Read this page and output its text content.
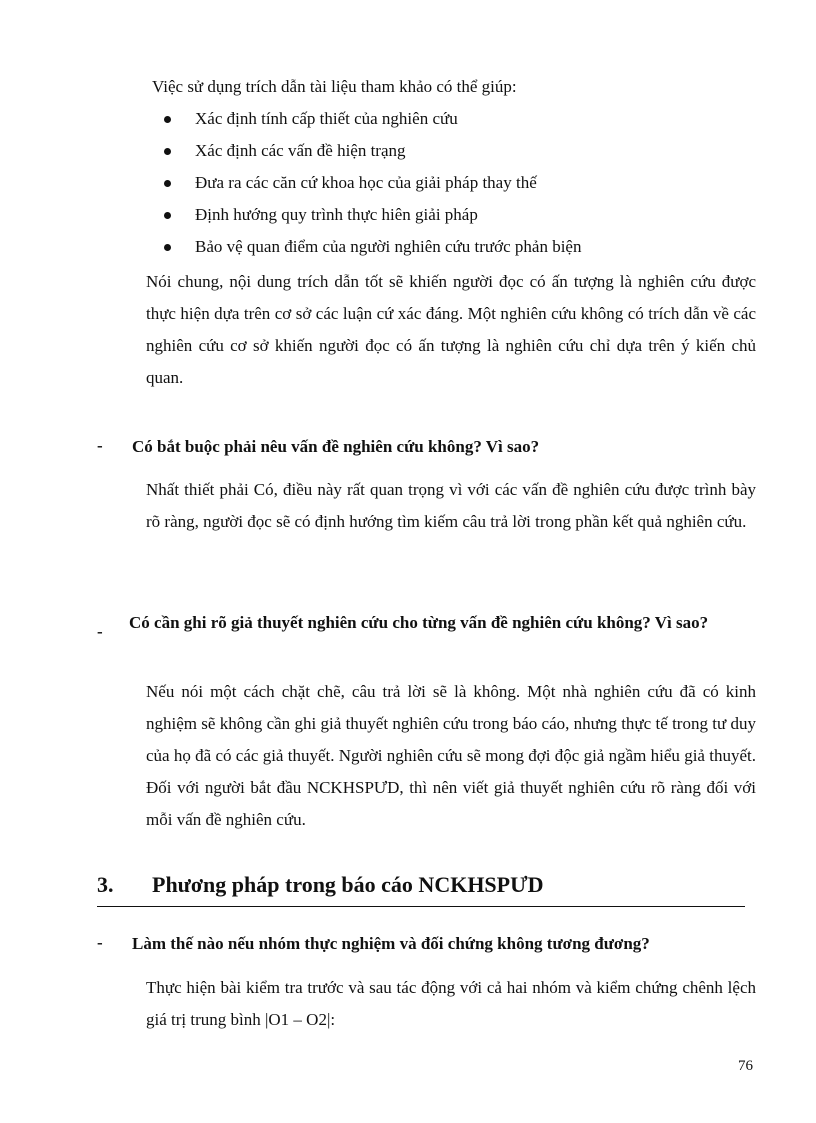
Việc sử dụng trích dẫn tài liệu tham khảo có thể giúp:
Xác định tính cấp thiết của nghiên cứu
Xác định các vấn đề hiện trạng
Đưa ra các căn cứ khoa học của giải pháp thay thế
Định hướng quy trình thực hiên giải pháp
Bảo vệ quan điểm của người nghiên cứu trước phản biện

Nói chung, nội dung trích dẫn tốt sẽ khiến người đọc có ấn tượng là nghiên cứu được thực hiện dựa trên cơ sở các luận cứ xác đáng. Một nghiên cứu không có trích dẫn về các nghiên cứu cơ sở khiến người đọc có ấn tượng là nghiên cứu chỉ dựa trên ý kiến chủ quan.

- Có bắt buộc phải nêu vấn đề nghiên cứu không? Vì sao?

Nhất thiết phải Có, điều này rất quan trọng vì với các vấn đề nghiên cứu được trình bày rõ ràng, người đọc sẽ có định hướng tìm kiếm câu trả lời trong phần kết quả nghiên cứu.

- Có cần ghi rõ giả thuyết nghiên cứu cho từng vấn đề nghiên cứu không? Vì sao?

Nếu nói một cách chặt chẽ, câu trả lời sẽ là không. Một nhà nghiên cứu đã có kinh nghiệm sẽ không cần ghi giả thuyết nghiên cứu trong báo cáo, nhưng thực tế trong tư duy của họ đã có các giả thuyết. Người nghiên cứu sẽ mong đợi độc giả ngầm hiểu giả thuyết. Đối với người bắt đầu NCKHSPƯD, thì nên viết giả thuyết nghiên cứu rõ ràng đối với mỗi vấn đề nghiên cứu.

3. Phương pháp trong báo cáo NCKHSPƯD
- Làm thế nào nếu nhóm thực nghiệm và đối chứng không tương đương?

Thực hiện bài kiểm tra trước và sau tác động với cả hai nhóm và kiểm chứng chênh lệch giá trị trung bình |O1 – O2|:

76
